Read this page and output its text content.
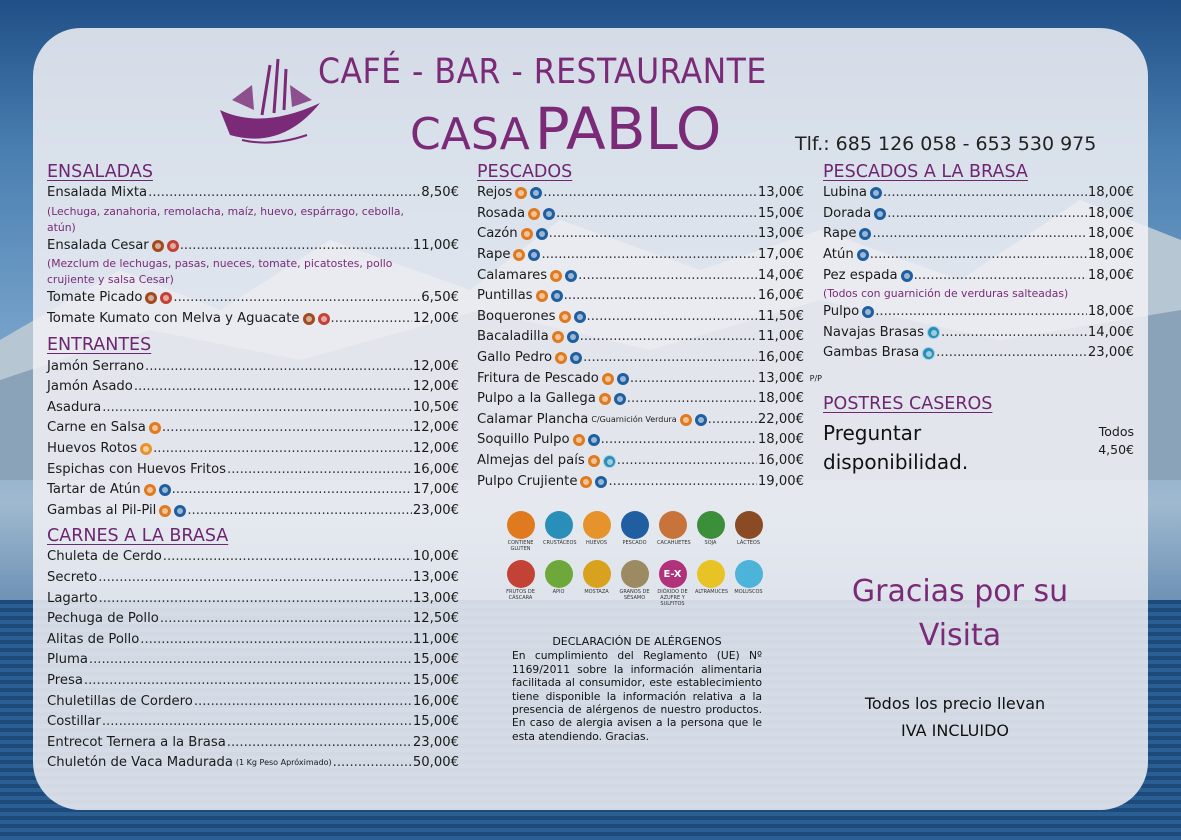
CAFÉ - BAR - RESTAURANTE
CASA PABLO	Tlf.: 685 126 058 - 653 530 975
ENSALADAS
Ensalada Mixta .....	8,50€
(Lechuga, zanahoria, remolacha, maíz, huevo, espárrago, cebolla, atún)
Ensalada Cesar .....	11,00€
(Mezclum de lechugas, pasas, nueces, tomate, picatostes, pollo crujiente y salsa Cesar)
Tomate Picado .....	6,50€
Tomate Kumato con Melva y Aguacate .....	12,00€
ENTRANTES
Jamón Serrano .....	12,00€
Jamón Asado .....	12,00€
Asadura .....	10,50€
Carne en Salsa .....	12,00€
Huevos Rotos .....	12,00€
Espichas con Huevos Fritos .....	16,00€
Tartar de Atún .....	17,00€
Gambas al Pil-Pil .....	23,00€
CARNES A LA BRASA
Chuleta de Cerdo .....	10,00€
Secreto .....	13,00€
Lagarto .....	13,00€
Pechuga de Pollo .....	12,50€
Alitas de Pollo .....	11,00€
Pluma .....	15,00€
Presa .....	15,00€
Chuletillas de Cordero .....	16,00€
Costillar .....	15,00€
Entrecot Ternera a la Brasa .....	23,00€
Chuletón de Vaca Madurada (1 Kg Peso Apróximado) .....	50,00€
PESCADOS
Rejos .....	13,00€
Rosada .....	15,00€
Cazón .....	13,00€
Rape .....	17,00€
Calamares .....	14,00€
Puntillas .....	16,00€
Boquerones .....	11,50€
Bacaladilla .....	11,00€
Gallo Pedro .....	16,00€
Fritura de Pescado .....	13,00€ P/P
Pulpo a la Gallega .....	18,00€
Calamar Plancha C/Guarnición Verdura .....	22,00€
Soquillo Pulpo .....	18,00€
Almejas del país .....	16,00€
Pulpo Crujiente .....	19,00€
CONTIENE GLUTEN
CRUSTÁCEOS	HUEVOS	PESCADO	CACAHUETES	SOJA	LÁCTEOS
FRUTOS DE CÁSCARA
APIO	MOSTAZA	GRANOS DE SÉSAMO
E-X
DIÓXIDO DE AZUFRE Y SULFITOS
ALTRAMUCES MOLUSCOS
DECLARACIÓN DE ALÉRGENOS
En cumplimiento del Reglamento (UE) Nº 1169/2011 sobre la información alimentaria facilitada al consumidor, este establecimiento tiene disponible la información relativa a la presencia de alérgenos de nuestro productos. En caso de alergia avisen a la persona que le esta atendiendo. Gracias.
PESCADOS A LA BRASA
Lubina .....	18,00€
Dorada .....	18,00€
Rape .....	18,00€
Atún .....	18,00€
Pez espada .....	18,00€
(Todos con guarnición de verduras salteadas)
Pulpo .....	18,00€
Navajas Brasas .....	14,00€
Gambas Brasa .....	23,00€
POSTRES CASEROS
Preguntar
disponibilidad.
Todos
4,50€
Gracias por su
Visita
Todos los precio llevan
IVA INCLUIDO
